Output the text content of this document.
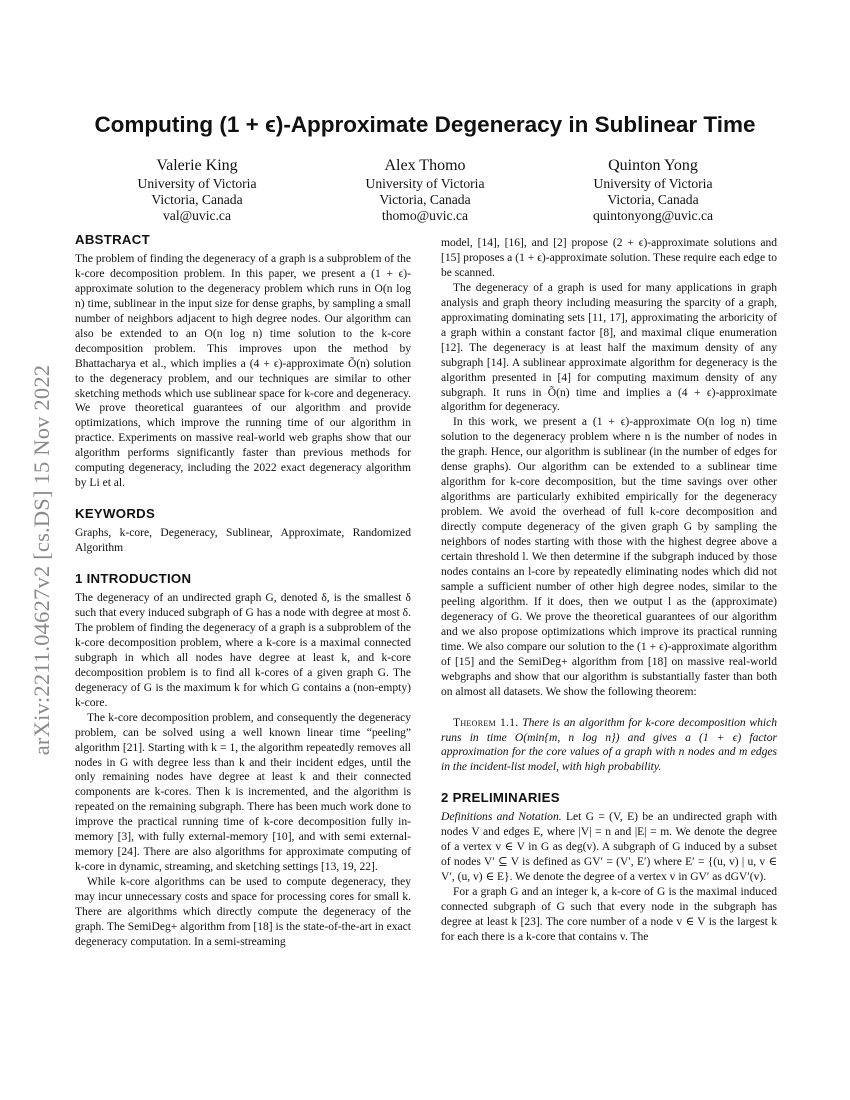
arXiv:2211.04627v2 [cs.DS] 15 Nov 2022
Computing (1 + ϵ)-Approximate Degeneracy in Sublinear Time
Valerie King
University of Victoria
Victoria, Canada
val@uvic.ca
Alex Thomo
University of Victoria
Victoria, Canada
thomo@uvic.ca
Quinton Yong
University of Victoria
Victoria, Canada
quintonyong@uvic.ca
ABSTRACT

The problem of finding the degeneracy of a graph is a subproblem of the k-core decomposition problem. In this paper, we present a (1 + ϵ)-approximate solution to the degeneracy problem which runs in O(n log n) time, sublinear in the input size for dense graphs, by sampling a small number of neighbors adjacent to high degree nodes. Our algorithm can also be extended to an O(n log n) time solution to the k-core decomposition problem. This improves upon the method by Bhattacharya et al., which implies a (4 + ϵ)-approximate Õ(n) solution to the degeneracy problem, and our techniques are similar to other sketching methods which use sublinear space for k-core and degeneracy. We prove theoretical guarantees of our algorithm and provide optimizations, which improve the running time of our algorithm in practice. Experiments on massive real-world web graphs show that our algorithm performs significantly faster than previous methods for computing degeneracy, including the 2022 exact degeneracy algorithm by Li et al.

KEYWORDS

Graphs, k-core, Degeneracy, Sublinear, Approximate, Randomized Algorithm

1 INTRODUCTION

The degeneracy of an undirected graph G, denoted δ, is the smallest δ such that every induced subgraph of G has a node with degree at most δ. The problem of finding the degeneracy of a graph is a subproblem of the k-core decomposition problem, where a k-core is a maximal connected subgraph in which all nodes have degree at least k, and k-core decomposition problem is to find all k-cores of a given graph G. The degeneracy of G is the maximum k for which G contains a (non-empty) k-core.

The k-core decomposition problem, and consequently the degeneracy problem, can be solved using a well known linear time “peeling” algorithm [21]. Starting with k = 1, the algorithm repeatedly removes all nodes in G with degree less than k and their incident edges, until the only remaining nodes have degree at least k and their connected components are k-cores. Then k is incremented, and the algorithm is repeated on the remaining subgraph. There has been much work done to improve the practical running time of k-core decomposition fully in-memory [3], with fully external-memory [10], and with semi external-memory [24]. There are also algorithms for approximate computing of k-core in dynamic, streaming, and sketching settings [13, 19, 22].

While k-core algorithms can be used to compute degeneracy, they may incur unnecessary costs and space for processing cores for small k. There are algorithms which directly compute the degeneracy of the graph. The SemiDeg+ algorithm from [18] is the state-of-the-art in exact degeneracy computation. In a semi-streaming

model, [14], [16], and [2] propose (2 + ϵ)-approximate solutions and [15] proposes a (1 + ϵ)-approximate solution. These require each edge to be scanned.

The degeneracy of a graph is used for many applications in graph analysis and graph theory including measuring the sparcity of a graph, approximating dominating sets [11, 17], approximating the arboricity of a graph within a constant factor [8], and maximal clique enumeration [12]. The degeneracy is at least half the maximum density of any subgraph [14]. A sublinear approximate algorithm for degeneracy is the algorithm presented in [4] for computing maximum density of any subgraph. It runs in Õ(n) time and implies a (4 + ϵ)-approximate algorithm for degeneracy.

In this work, we present a (1 + ϵ)-approximate O(n log n) time solution to the degeneracy problem where n is the number of nodes in the graph. Hence, our algorithm is sublinear (in the number of edges for dense graphs). Our algorithm can be extended to a sublinear time algorithm for k-core decomposition, but the time savings over other algorithms are particularly exhibited empirically for the degeneracy problem. We avoid the overhead of full k-core decomposition and directly compute degeneracy of the given graph G by sampling the neighbors of nodes starting with those with the highest degree above a certain threshold l. We then determine if the subgraph induced by those nodes contains an l-core by repeatedly eliminating nodes which did not sample a sufficient number of other high degree nodes, similar to the peeling algorithm. If it does, then we output l as the (approximate) degeneracy of G. We prove the theoretical guarantees of our algorithm and we also propose optimizations which improve its practical running time. We also compare our solution to the (1 + ϵ)-approximate algorithm of [15] and the SemiDeg+ algorithm from [18] on massive real-world webgraphs and show that our algorithm is substantially faster than both on almost all datasets. We show the following theorem:

Theorem 1.1. There is an algorithm for k-core decomposition which runs in time O(min{m, n log n}) and gives a (1 + ϵ) factor approximation for the core values of a graph with n nodes and m edges in the incident-list model, with high probability.

2 PRELIMINARIES

Definitions and Notation. Let G = (V, E) be an undirected graph with nodes V and edges E, where |V| = n and |E| = m. We denote the degree of a vertex v ∈ V in G as deg(v). A subgraph of G induced by a subset of nodes V′ ⊆ V is defined as GV′ = (V′, E′) where E′ = {(u, v) | u, v ∈ V′, (u, v) ∈ E}. We denote the degree of a vertex v in GV′ as dGV′(v).

For a graph G and an integer k, a k-core of G is the maximal induced connected subgraph of G such that every node in the subgraph has degree at least k [23]. The core number of a node v ∈ V is the largest k for each there is a k-core that contains v. The
